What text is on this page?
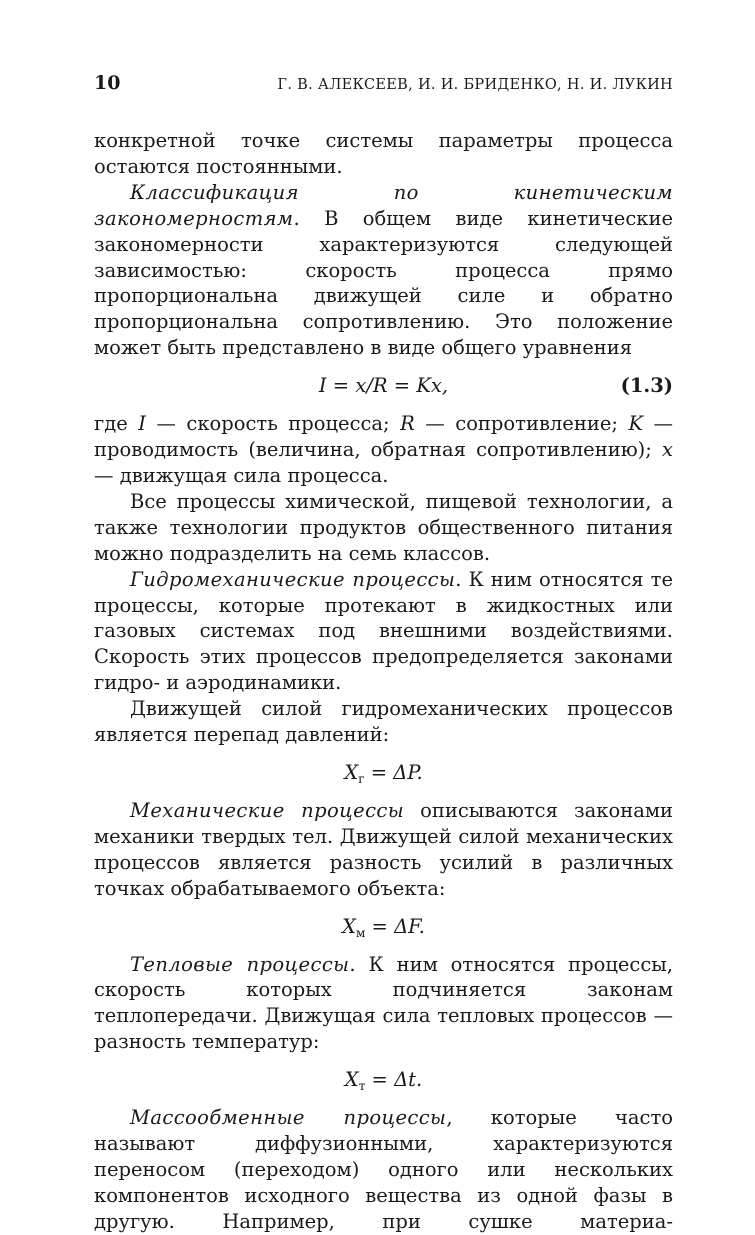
10	Г. В. АЛЕКСЕЕВ, И. И. БРИДЕНКО, Н. И. ЛУКИН

конкретной точке системы параметры процесса остаются постоянными.

Классификация по кинетическим закономерностям. В общем виде кинетические закономерности характеризуются следующей зависимостью: скорость процесса прямо пропорциональна движущей силе и обратно пропорциональна сопротивлению. Это положение может быть представлено в виде общего уравнения

I = x/R = Kx,	(1.3)

где I — скорость процесса; R — сопротивление; K — проводимость (величина, обратная сопротивлению); x — движущая сила процесса.

Все процессы химической, пищевой технологии, а также технологии продуктов общественного питания можно подразделить на семь классов.

Гидромеханические процессы. К ним относятся те процессы, которые протекают в жидкостных или газовых системах под внешними воздействиями. Скорость этих процессов предопределяется законами гидро- и аэродинамики.

Движущей силой гидромеханических процессов является перепад давлений:

$X_г = \Delta P$.

Механические процессы описываются законами механики твердых тел. Движущей силой механических процессов является разность усилий в различных точках обрабатываемого объекта:

$X_м = \Delta F$.

Тепловые процессы. К ним относятся процессы, скорость которых подчиняется законам теплопередачи. Движущая сила тепловых процессов — разность температур:

$X_т = \Delta t$.

Массообменные процессы, которые часто называют диффузионными, характеризуются переносом (переходом) одного или нескольких компонентов исходного вещества из одной фазы в другую. Например, при сушке материа-
